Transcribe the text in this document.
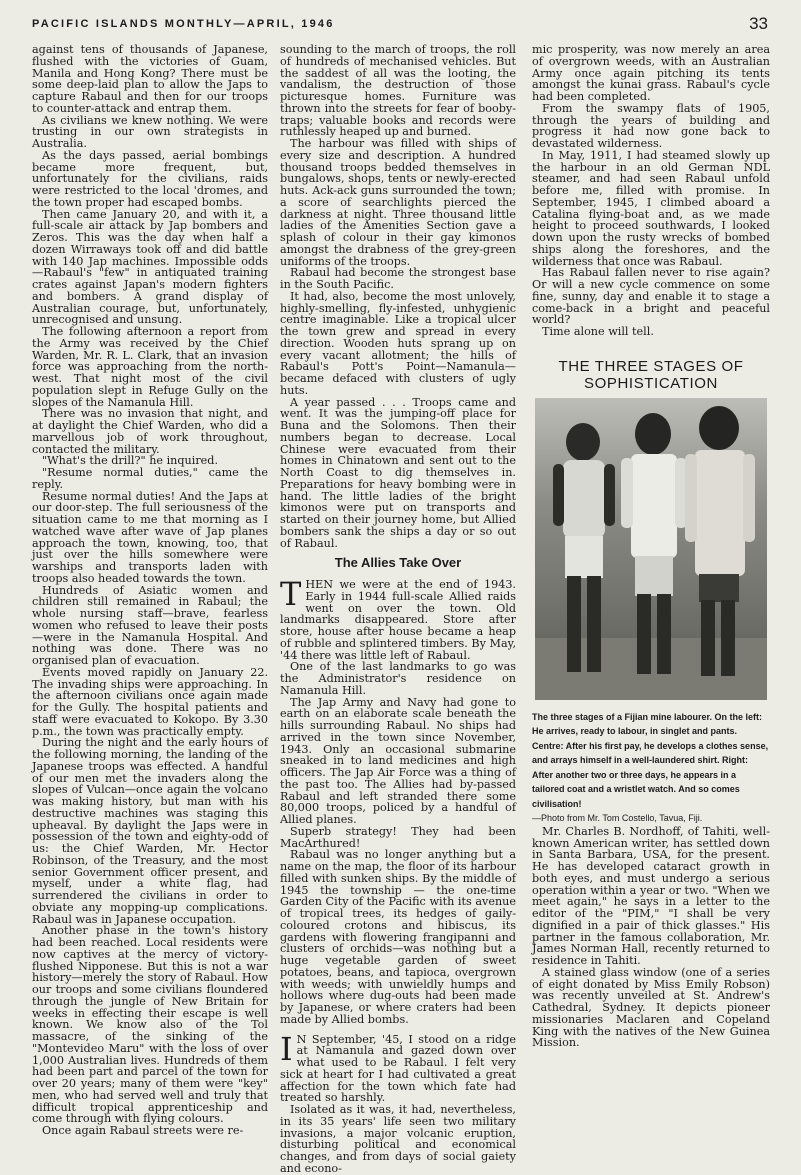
PACIFIC ISLANDS MONTHLY—APRIL, 1946	33

against tens of thousands of Japanese, flushed with the victories of Guam, Manila and Hong Kong? There must be some deep-laid plan to allow the Japs to capture Rabaul and then for our troops to counter-attack and entrap them.

As civilians we knew nothing. We were trusting in our own strategists in Australia.

As the days passed, aerial bombings became more frequent, but, unfortunately for the civilians, raids were restricted to the local 'dromes, and the town proper had escaped bombs.

Then came January 20, and with it, a full-scale air attack by Jap bombers and Zeros. This was the day when half a dozen Wirraways took off and did battle with 140 Jap machines. Impossible odds —Rabaul's "few" in antiquated training crates against Japan's modern fighters and bombers. A grand display of Australian courage, but, unfortunately, unrecognised and unsung.

The following afternoon a report from the Army was received by the Chief Warden, Mr. R. L. Clark, that an invasion force was approaching from the north-west. That night most of the civil population slept in Refuge Gully on the slopes of the Namanula Hill.

There was no invasion that night, and at daylight the Chief Warden, who did a marvellous job of work throughout, contacted the military.

"What's the drill?" he inquired.

"Resume normal duties," came the reply.

Resume normal duties! And the Japs at our door-step. The full seriousness of the situation came to me that morning as I watched wave after wave of Jap planes approach the town, knowing, too, that just over the hills somewhere were warships and transports laden with troops also headed towards the town.

Hundreds of Asiatic women and children still remained in Rabaul; the whole nursing staff—brave, fearless women who refused to leave their posts—were in the Namanula Hospital. And nothing was done. There was no organised plan of evacuation.

Events moved rapidly on January 22. The invading ships were approaching. In the afternoon civilians once again made for the Gully. The hospital patients and staff were evacuated to Kokopo. By 3.30 p.m., the town was practically empty.

During the night and the early hours of the following morning, the landing of the Japanese troops was effected. A handful of our men met the invaders along the slopes of Vulcan—once again the volcano was making history, but man with his destructive machines was staging this upheaval. By daylight the Japs were in possession of the town and eighty-odd of us: the Chief Warden, Mr. Hector Robinson, of the Treasury, and the most senior Government officer present, and myself, under a white flag, had surrendered the civilians in order to obviate any mopping-up complications. Rabaul was in Japanese occupation.

Another phase in the town's history had been reached. Local residents were now captives at the mercy of victory-flushed Nipponese. But this is not a war history—merely the story of Rabaul. How our troops and some civilians floundered through the jungle of New Britain for weeks in effecting their escape is well known. We know also of the Tol massacre, of the sinking of the "Montevideo Maru" with the loss of over 1,000 Australian lives. Hundreds of them had been part and parcel of the town for over 20 years; many of them were "key" men, who had served well and truly that difficult tropical apprenticeship and come through with flying colours.

Once again Rabaul streets were re-

sounding to the march of troops, the roll of hundreds of mechanised vehicles. But the saddest of all was the looting, the vandalism, the destruction of those picturesque homes. Furniture was thrown into the streets for fear of booby-traps; valuable books and records were ruthlessly heaped up and burned.

The harbour was filled with ships of every size and description. A hundred thousand troops bedded themselves in bungalows, shops, tents or newly-erected huts. Ack-ack guns surrounded the town; a score of searchlights pierced the darkness at night. Three thousand little ladies of the Amenities Section gave a splash of colour in their gay kimonos amongst the drabness of the grey-green uniforms of the troops.

Rabaul had become the strongest base in the South Pacific.

It had, also, become the most unlovely, highly-smelling, fly-infested, unhygienic centre imaginable. Like a tropical ulcer the town grew and spread in every direction. Wooden huts sprang up on every vacant allotment; the hills of Rabaul's Pott's Point—Namanula—became defaced with clusters of ugly huts.

A year passed . . . Troops came and went. It was the jumping-off place for Buna and the Solomons. Then their numbers began to decrease. Local Chinese were evacuated from their homes in Chinatown and sent out to the North Coast to dig themselves in. Preparations for heavy bombing were in hand. The little ladies of the bright kimonos were put on transports and started on their journey home, but Allied bombers sank the ships a day or so out of Rabaul.

The Allies Take Over

THEN we were at the end of 1943. Early in 1944 full-scale Allied raids went on over the town. Old landmarks disappeared. Store after store, house after house became a heap of rubble and splintered timbers. By May, '44 there was little left of Rabaul.

One of the last landmarks to go was the Administrator's residence on Namanula Hill.

The Jap Army and Navy had gone to earth on an elaborate scale beneath the hills surrounding Rabaul. No ships had arrived in the town since November, 1943. Only an occasional submarine sneaked in to land medicines and high officers. The Jap Air Force was a thing of the past too. The Allies had by-passed Rabaul and left stranded there some 80,000 troops, policed by a handful of Allied planes.

Superb strategy! They had been MacArthured!

Rabaul was no longer anything but a name on the map, the floor of its harbour filled with sunken ships. By the middle of 1945 the township — the one-time Garden City of the Pacific with its avenue of tropical trees, its hedges of gaily-coloured crotons and hibiscus, its gardens with flowering frangipanni and clusters of orchids—was nothing but a huge vegetable garden of sweet potatoes, beans, and tapioca, overgrown with weeds; with unwieldly humps and hollows where dug-outs had been made by Japanese, or where craters had been made by Allied bombs.

I N September, '45, I stood on a ridge at Namanula and gazed down over what used to be Rabaul. I felt very sick at heart for I had cultivated a great affection for the town which fate had treated so harshly.

Isolated as it was, it had, nevertheless, in its 35 years' life seen two military invasions, a major volcanic eruption, disturbing political and economical changes, and from days of social gaiety and econo-

mic prosperity, was now merely an area of overgrown weeds, with an Australian Army once again pitching its tents amongst the kunai grass. Rabaul's cycle had been completed.

From the swampy flats of 1905, through the years of building and progress it had now gone back to devastated wilderness.

In May, 1911, I had steamed slowly up the harbour in an old German NDL steamer, and had seen Rabaul unfold before me, filled with promise. In September, 1945, I climbed aboard a Catalina flying-boat and, as we made height to proceed southwards, I looked down upon the rusty wrecks of bombed ships along the foreshores, and the wilderness that once was Rabaul.

Has Rabaul fallen never to rise again? Or will a new cycle commence on some fine, sunny, day and enable it to stage a come-back in a bright and peaceful world?

Time alone will tell.

THE THREE STAGES OF
SOPHISTICATION

The three stages of a Fijian mine labourer. On the left: He arrives, ready to labour, in singlet and pants. Centre: After his first pay, he develops a clothes sense, and arrays himself in a well-laundered shirt. Right: After another two or three days, he appears in a tailored coat and a wristlet watch. And so comes civilisation!
—Photo from Mr. Tom Costello, Tavua, Fiji.

Mr. Charles B. Nordhoff, of Tahiti, well-known American writer, has settled down in Santa Barbara, USA, for the present. He has developed cataract growth in both eyes, and must undergo a serious operation within a year or two. "When we meet again," he says in a letter to the editor of the "PIM," "I shall be very dignified in a pair of thick glasses." His partner in the famous collaboration, Mr. James Norman Hall, recently returned to residence in Tahiti.

A stained glass window (one of a series of eight donated by Miss Emily Robson) was recently unveiled at St. Andrew's Cathedral, Sydney. It depicts pioneer missionaries Maclaren and Copeland King with the natives of the New Guinea Mission.
